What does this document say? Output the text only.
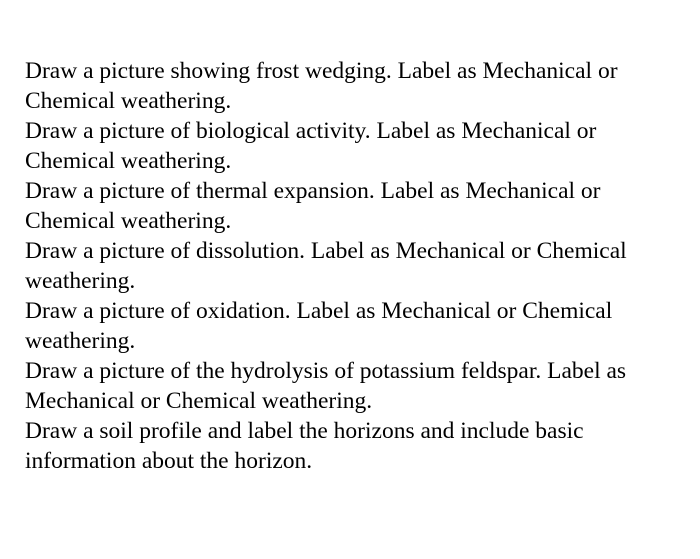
Draw a picture showing frost wedging. Label as Mechanical or
Chemical weathering.
Draw a picture of biological activity. Label as Mechanical or
Chemical weathering.
Draw a picture of thermal expansion. Label as Mechanical or
Chemical weathering.
Draw a picture of dissolution. Label as Mechanical or Chemical
weathering.
Draw a picture of oxidation. Label as Mechanical or Chemical
weathering.
Draw a picture of the hydrolysis of potassium feldspar. Label as
Mechanical or Chemical weathering.
Draw a soil profile and label the horizons and include basic
information about the horizon.
